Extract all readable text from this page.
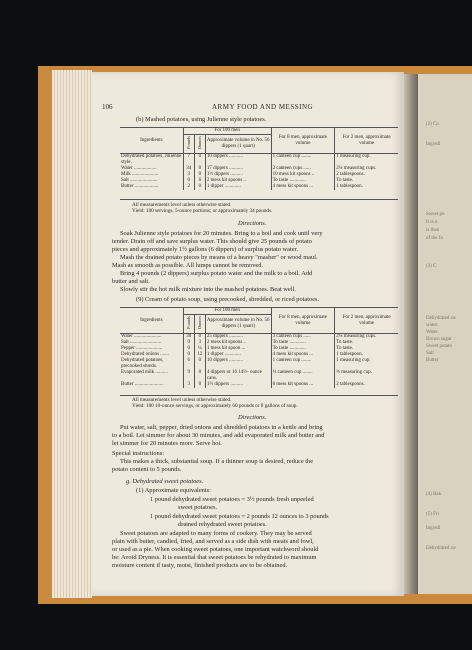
(2) Co
Ingredi
Sweet po
ft is o
is then
of the fo
(3) C
Dehydrated sw
water.
Water
Brown sugar
Sweet potato
Salt
Butter
(4) Bak
(5) Fri
Ingredi
Dehydrated sw
106	ARMY FOOD AND MESSING
(b) Mashed potatoes, using Julienne style potatoes.
Ingredients	For 100 men			For 8 men, approximate volume	For 2 men, approximate volume
	Pounds	Ounces	Approximate volume in No. 56 dippers (1 quart)		
Dehydrated potatoes, Julienne style.	7	0	10 dippers ...........	1 canteen cup ........	1 measuring cup.
Water ..................	34	0	17 dippers ...........	2 canteen cups ......	2¼ measuring cups.
Milk .....................	3	0	1½ dippers ..........	10 mess kit spoons ..	2 tablespoons.
Salt ......................	0	6	2 mess kit spoons ..	To taste .............	To taste.
Butter ...................	2	0	1 dipper .............	4 mess kit spoons ...	1 tablespoon.
All measurements level unless otherwise stated.
Yield: 100 servings, 5-ounce portions; or approximately 34 pounds.
Directions.
Soak Julienne style potatoes for 20 minutes. Bring to a boil and cook until very
tender. Drain off and save surplus water. This should give 25 pounds of potato
pieces and approximately 1½ gallons (6 dippers) of surplus potato water.
Mash the drained potato pieces by means of a heavy "masher" or wood maul.
Mash as smooth as possible. All lumps cannot be removed.
Bring 4 pounds (2 dippers) surplus potato water and the milk to a boil. Add
butter and salt.
Slowly stir the hot milk mixture into the mashed potatoes. Beat well.
(9) Cream of potato soup, using precooked, shredded, or riced potatoes.
Ingredients	For 100 men			For 8 men, approximate volume	For 2 men, approximate volume
	Pounds	Ounces	Approximate volume in No. 56 dippers (1 quart)		
Water ......................	30	0	25 dippers ...........	3 canteen cups ......	2¼ measuring cups.
Salt .........................	0	3	2 mess kit spoons ..	To taste .............	To taste.
Pepper .....................	0	¼	1 mess kit spoon ...	To taste .............	To taste.
Dehydrated onions .......	0	12	1 dipper .............	4 mess kit spoons ...	1 tablespoon.
Dehydrated potatoes, precooked shreds.	6	0	10 dippers ...........	1 canteen cup ........	1 measuring cup.
Evaporated milk ..........	9	0	4 dippers or 16 14½- ounce cans.	⅓ canteen cup ........	⅓ measuring cup.
Butter .......................	3	0	1½ dippers ..........	6 mess kit spoons ...	2 tablespoons.
All measurements level unless otherwise stated.
Yield: 100 10-ounce servings, or approximately 60 pounds or 8 gallons of soup.
Directions.
Put water, salt, pepper, dried onions and shredded potatoes in a kettle and bring
to a boil. Let simmer for about 30 minutes, and add evaporated milk and butter and
let simmer for 20 minutes more. Serve hot.
Special instructions:
This makes a thick, substantial soup. If a thinner soup is desired, reduce the
potato content to 5 pounds.
g. Dehydrated sweet potatoes.
(1) Approximate equivalents:
1 pound dehydrated sweet potatoes = 3½ pounds fresh unpeeled
sweet potatoes.
1 pound dehydrated sweet potatoes = 2 pounds 12 ounces to 3 pounds
drained rehydrated sweet potatoes.
Sweet potatoes are adapted to many forms of cookery. They may be served
plain with butter, candied, fried, and served as a side dish with meats and fowl,
or used as a pie. When cooking sweet potatoes, one important watchword should
be: Avoid Dryness. It is essential that sweet potatoes be rehydrated to maximum
moisture content if tasty, moist, finished products are to be obtained.
